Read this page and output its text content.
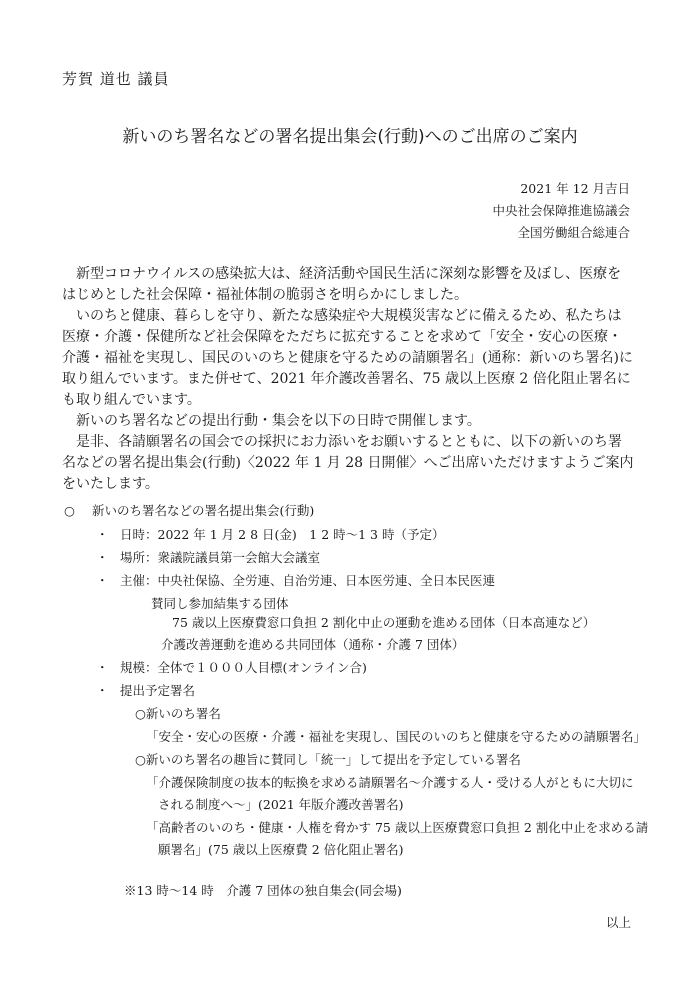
芳賀 道也 議員
新いのち署名などの署名提出集会(行動)へのご出席のご案内
2021 年 12 月吉日
中央社会保障推進協議会
全国労働組合総連合
新型コロナウイルスの感染拡大は、経済活動や国民生活に深刻な影響を及ぼし、医療を
はじめとした社会保障・福祉体制の脆弱さを明らかにしました。
いのちと健康、暮らしを守り、新たな感染症や大規模災害などに備えるため、私たちは
医療・介護・保健所など社会保障をただちに拡充することを求めて「安全・安心の医療・
介護・福祉を実現し、国民のいのちと健康を守るための請願署名」(通称：新いのち署名)に
取り組んでいます。また併せて、2021 年介護改善署名、75 歳以上医療 2 倍化阻止署名に
も取り組んでいます。
新いのち署名などの提出行動・集会を以下の日時で開催します。
是非、各請願署名の国会での採択にお力添いをお願いするとともに、以下の新いのち署
名などの署名提出集会(行動)〈2022 年 1 月 28 日開催〉へご出席いただけますようご案内
をいたします。
○ 新いのち署名などの署名提出集会(行動)
・ 日時：2022 年 1 月 2 8 日(金)　1 2 時～1 3 時（予定）
・ 場所：衆議院議員第一会館大会議室
・ 主催：中央社保協、全労連、自治労連、日本医労連、全日本民医連
賛同し参加結集する団体
75 歳以上医療費窓口負担 2 割化中止の運動を進める団体（日本高連など）
介護改善運動を進める共同団体（通称・介護 7 団体）
・ 規模：全体で１０００人目標(オンライン合)
・ 提出予定署名
○新いのち署名
「安全・安心の医療・介護・福祉を実現し、国民のいのちと健康を守るための請願署名」
○新いのち署名の趣旨に賛同し「統一」して提出を予定している署名
「介護保険制度の抜本的転換を求める請願署名～介護する人・受ける人がともに大切に
される制度へ～」(2021 年版介護改善署名)
「高齢者のいのち・健康・人権を脅かす 75 歳以上医療費窓口負担 2 割化中止を求める請
願署名」(75 歳以上医療費 2 倍化阻止署名)
※13 時～14 時　介護 7 団体の独自集会(同会場)
以上
